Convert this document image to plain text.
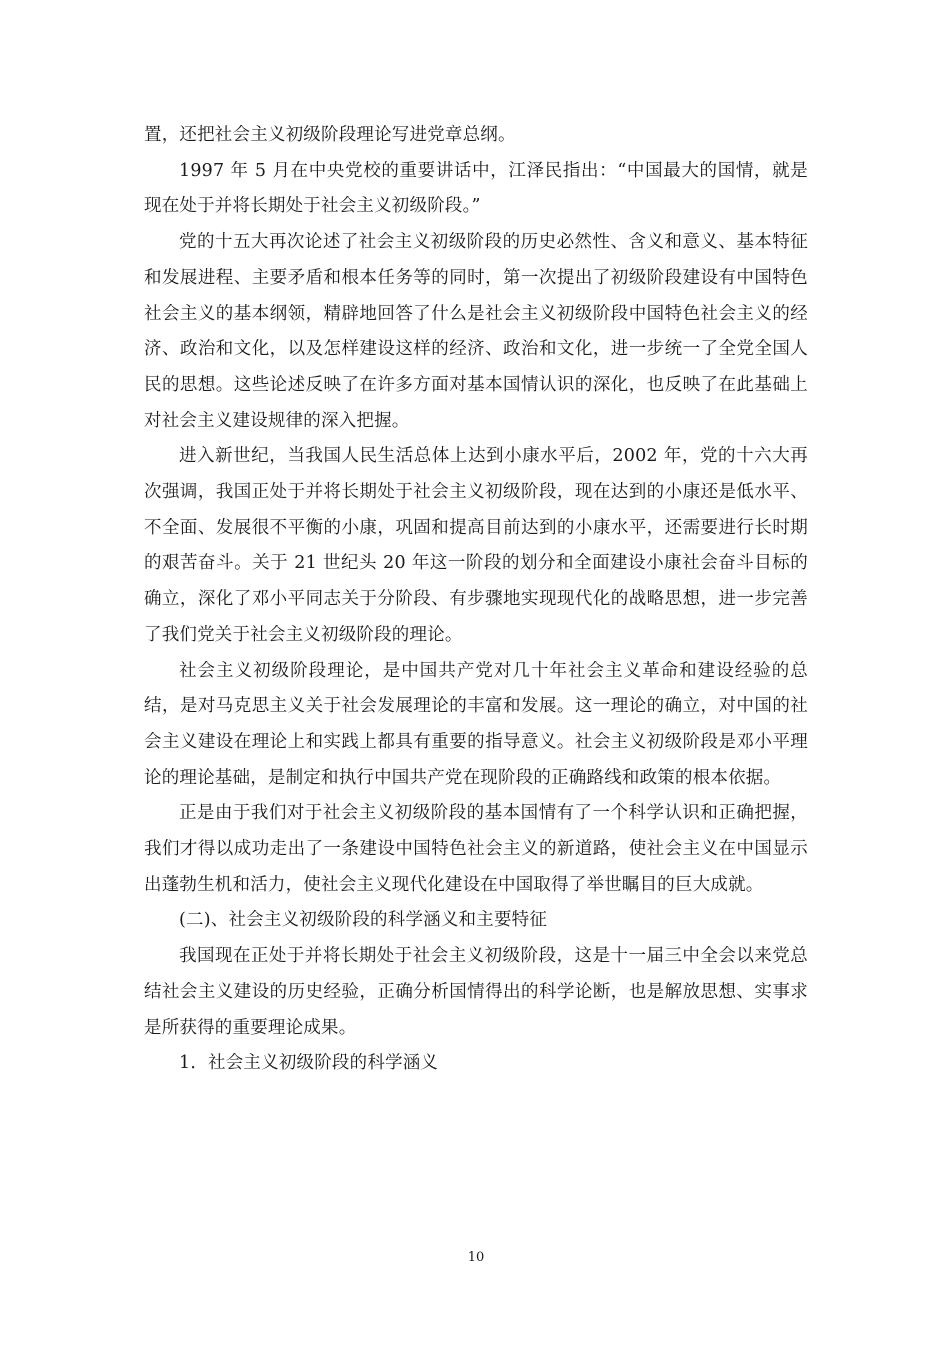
置，还把社会主义初级阶段理论写进党章总纲。

1997 年 5 月在中央党校的重要讲话中，江泽民指出：“中国最大的国情，就是现在处于并将长期处于社会主义初级阶段。”

党的十五大再次论述了社会主义初级阶段的历史必然性、含义和意义、基本特征和发展进程、主要矛盾和根本任务等的同时，第一次提出了初级阶段建设有中国特色社会主义的基本纲领，精辟地回答了什么是社会主义初级阶段中国特色社会主义的经济、政治和文化，以及怎样建设这样的经济、政治和文化，进一步统一了全党全国人民的思想。这些论述反映了在许多方面对基本国情认识的深化，也反映了在此基础上对社会主义建设规律的深入把握。

进入新世纪，当我国人民生活总体上达到小康水平后，2002 年，党的十六大再次强调，我国正处于并将长期处于社会主义初级阶段，现在达到的小康还是低水平、不全面、发展很不平衡的小康，巩固和提高目前达到的小康水平，还需要进行长时期的艰苦奋斗。关于 21 世纪头 20 年这一阶段的划分和全面建设小康社会奋斗目标的确立，深化了邓小平同志关于分阶段、有步骤地实现现代化的战略思想，进一步完善了我们党关于社会主义初级阶段的理论。

社会主义初级阶段理论，是中国共产党对几十年社会主义革命和建设经验的总结，是对马克思主义关于社会发展理论的丰富和发展。这一理论的确立，对中国的社会主义建设在理论上和实践上都具有重要的指导意义。社会主义初级阶段是邓小平理论的理论基础，是制定和执行中国共产党在现阶段的正确路线和政策的根本依据。

正是由于我们对于社会主义初级阶段的基本国情有了一个科学认识和正确把握，我们才得以成功走出了一条建设中国特色社会主义的新道路，使社会主义在中国显示出蓬勃生机和活力，使社会主义现代化建设在中国取得了举世瞩目的巨大成就。

(二)、社会主义初级阶段的科学涵义和主要特征

我国现在正处于并将长期处于社会主义初级阶段，这是十一届三中全会以来党总结社会主义建设的历史经验，正确分析国情得出的科学论断，也是解放思想、实事求是所获得的重要理论成果。

1．社会主义初级阶段的科学涵义

10
